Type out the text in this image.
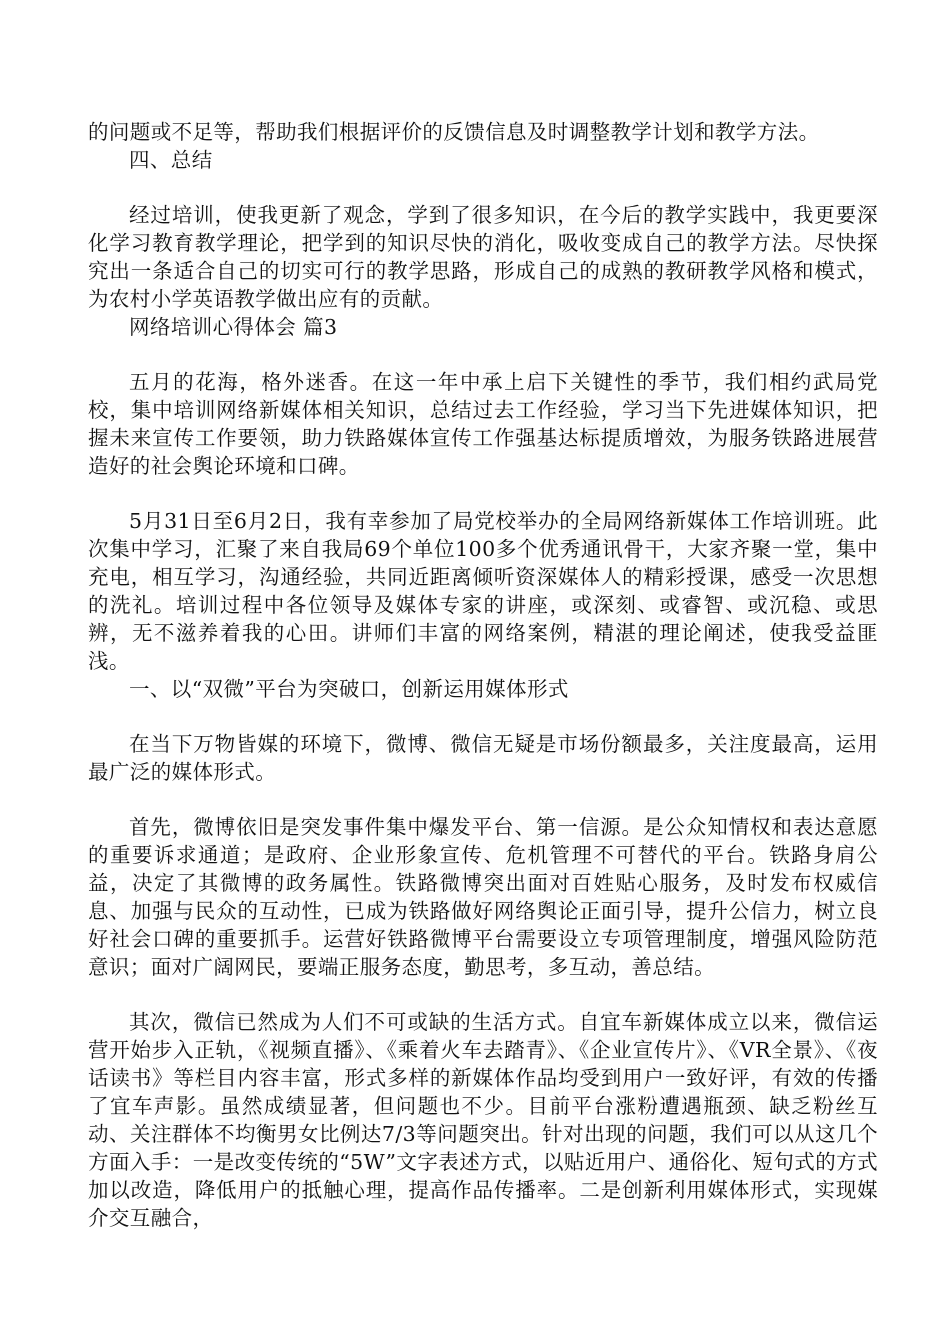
的问题或不足等，帮助我们根据评价的反馈信息及时调整教学计划和教学方法。

四、总结

经过培训，使我更新了观念，学到了很多知识，在今后的教学实践中，我更要深化学习教育教学理论，把学到的知识尽快的消化，吸收变成自己的教学方法。尽快探究出一条适合自己的切实可行的教学思路，形成自己的成熟的教研教学风格和模式，为农村小学英语教学做出应有的贡献。

网络培训心得体会 篇3

五月的花海，格外迷香。在这一年中承上启下关键性的季节，我们相约武局党校，集中培训网络新媒体相关知识，总结过去工作经验，学习当下先进媒体知识，把握未来宣传工作要领，助力铁路媒体宣传工作强基达标提质增效，为服务铁路进展营造好的社会舆论环境和口碑。

5月31日至6月2日，我有幸参加了局党校举办的全局网络新媒体工作培训班。此次集中学习，汇聚了来自我局69个单位100多个优秀通讯骨干，大家齐聚一堂，集中充电，相互学习，沟通经验，共同近距离倾听资深媒体人的精彩授课，感受一次思想的洗礼。培训过程中各位领导及媒体专家的讲座，或深刻、或睿智、或沉稳、或思辨，无不滋养着我的心田。讲师们丰富的网络案例，精湛的理论阐述，使我受益匪浅。

一、以“双微”平台为突破口，创新运用媒体形式

在当下万物皆媒的环境下，微博、微信无疑是市场份额最多，关注度最高，运用最广泛的媒体形式。

首先，微博依旧是突发事件集中爆发平台、第一信源。是公众知情权和表达意愿的重要诉求通道；是政府、企业形象宣传、危机管理不可替代的平台。铁路身肩公益，决定了其微博的政务属性。铁路微博突出面对百姓贴心服务，及时发布权威信息、加强与民众的互动性，已成为铁路做好网络舆论正面引导，提升公信力，树立良好社会口碑的重要抓手。运营好铁路微博平台需要设立专项管理制度，增强风险防范意识；面对广阔网民，要端正服务态度，勤思考，多互动，善总结。

其次，微信已然成为人们不可或缺的生活方式。自宜车新媒体成立以来，微信运营开始步入正轨，《视频直播》、《乘着火车去踏青》、《企业宣传片》、《VR全景》、《夜话读书》等栏目内容丰富，形式多样的新媒体作品均受到用户一致好评，有效的传播了宜车声影。虽然成绩显著，但问题也不少。目前平台涨粉遭遇瓶颈、缺乏粉丝互动、关注群体不均衡男女比例达7/3等问题突出。针对出现的问题，我们可以从这几个方面入手：一是改变传统的“5W”文字表述方式，以贴近用户、通俗化、短句式的方式加以改造，降低用户的抵触心理，提高作品传播率。二是创新利用媒体形式，实现媒介交互融合，
